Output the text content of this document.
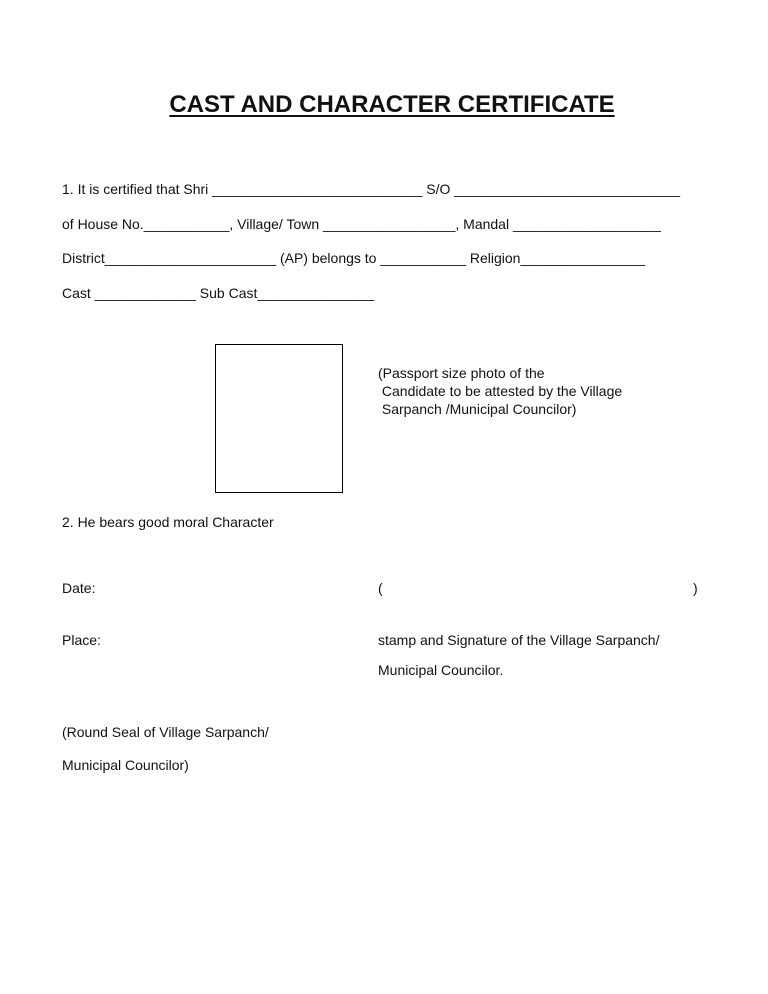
CAST AND CHARACTER CERTIFICATE
1. It is certified that Shri ___________________________ S/O _____________________________
of House No.___________, Village/ Town _________________, Mandal ___________________
District______________________ (AP) belongs to ___________ Religion________________
Cast _____________ Sub Cast_______________
(Passport size photo of the
Candidate to be attested by the Village
Sarpanch /Municipal Councilor)
2. He bears good moral Character
Date:	(	)
Place:	stamp and Signature of the Village Sarpanch/
Municipal Councilor.
(Round Seal of Village Sarpanch/
Municipal Councilor)
